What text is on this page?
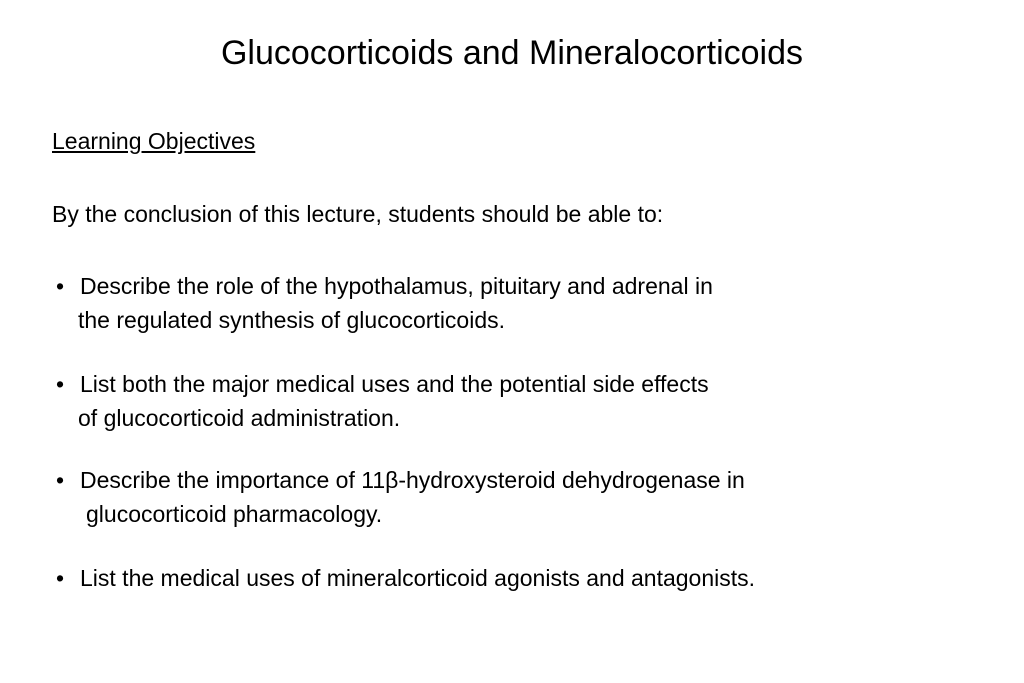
Glucocorticoids and Mineralocorticoids
Learning Objectives
By the conclusion of this lecture, students should be able to:
• Describe the role of the hypothalamus, pituitary and adrenal in
the regulated synthesis of glucocorticoids.
• List both the major medical uses and the potential side effects
of glucocorticoid administration.
• Describe the importance of 11β-hydroxysteroid dehydrogenase in
glucocorticoid pharmacology.
• List the medical uses of mineralcorticoid agonists and antagonists.
